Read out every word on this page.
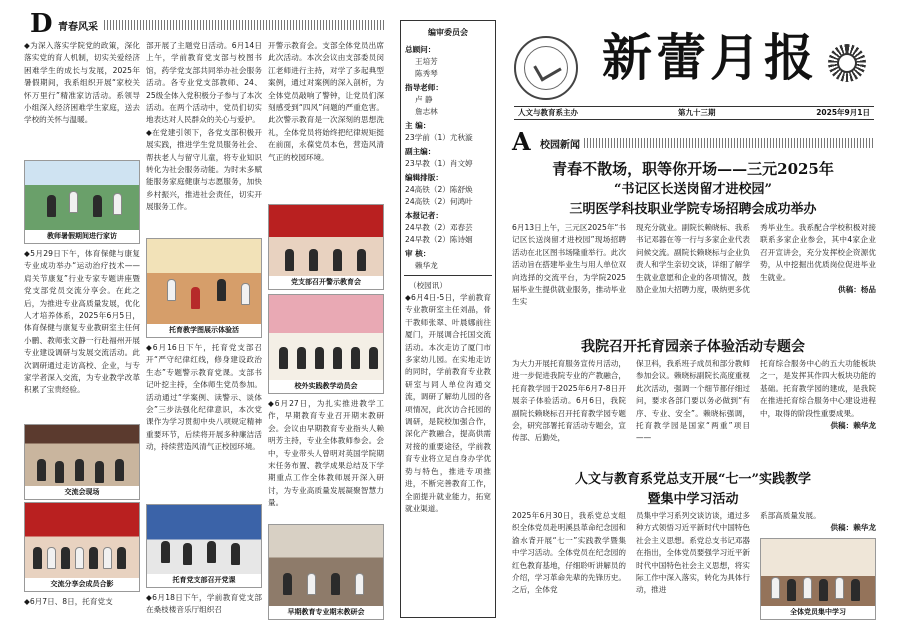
D 青春风采

◆为深入落实学院党的政策，深化落实党的育人机制，切实关爱经济困难学生的成长与发展，2025年暑假期间，我系组织开展“家校关怀万里行”精准家访活动。系领导小组深入经济困难学生家庭，送去学校的关怀与温暖。

教师暑假期间进行家访

◆5月29日下午，体育保健与康复专业成功举办“运动治疗技术——肩关节康复”行业专家专题讲座暨党支部党员交流分享会。在此之后，为推进专业高质量发展，优化人才培养体系，2025年6月5日，体育保健与康复专业教研室主任何小鹏、教师张文静一行赴福州开展专业建设调研与发展交流活动。此次调研通过走访高校、企业，与专家学者深入交流，为专业教学改革积累了宝贵经验。

交流会现场
交流分享会成员合影

◆6月7日、8日，托育党支

部开展了主题党日活动。6月14日上午，学前教育党支部与校图书馆，药学党支部共同举办社会服务活动。各专业党支部教师、24、25级全体入党积极分子参与了本次活动。在两个活动中，党员们切实地表达对人民群众的关心与爱护。

◆在党建引领下，各党支部积极开展实践，推进学生党员服务社会、帮扶老人与留守儿童，将专业知识转化为社会服务动能。为时未多赋能服务家庭健康与志愿服务，加快乡村振兴，推进社会责任，切实开展服务工作。

托育教学图展示体验活

◆6月16日下午，托育党支部召开“严守纪律红线，修身建设政治生态”专题警示教育党课。支部书记叶挖主持，全体师生党员参加。活动通过“学案例、读警示、谈体会”三步法强化纪律意识，本次党课作为学习贯彻中央八项规定精神重要环节，后续将开展多种廉洁活动，持续营造风清气正校园环境。

托育党支部召开党课

◆6月18日下午，学前教育党支部在桑枝楼音乐厅组织召

开警示教育会。支部全体党员出席此次活动。本次会议由支部委员闵江老师进行主持，对学了多起典型案例，通过对案例的深入剖析，为全体党员敲响了警钟，让党员们深刻感受到“四风”问题的严重危害。此次警示教育是一次深刻的思想洗礼，全体党员将始终把纪律规矩挺在前面，永葆党员本色，营造风清气正的校园环境。

党支部召开警示教育会
校外实践教学动员会

◆6月27日，为扎实推进教学工作，早期教育专业召开期末教研会。会议由早期教育专业指头人赖明芳主持，专业全体教师参会。会中，专业带头人曾明对英国学院期末任务布置、教学成果总结及下学期重点工作全体教师展开深入研讨，为专业高质量发展凝聚智慧力量。

早期教育专业期末教研会
编审委员会
总顾问：
王培芳
陈秀琴
指导老师：
卢 静
詹志林
主 编：
23学前（1）尤秋漩
副主编：
23早教（1）肖文婷
编辑排版：
24高铁（2）陈舒焕
24高铁（2）何鸿叶
本报记者：
24早教（2）邓春芸
24早教（2）陈诗姻
审 核：
赖华龙
（校园讯）

◆6月4日-5日，学前教育专业教研室主任刘晶，骨干教师张翠、叶晨娜前往厦门，开展调合托国交流活动。本次走访了厦门市多家幼儿园。在实地走访的同时，学前教育专业教研室与同人单位沟通交流，调研了解幼儿园的各项情况，此次访合托园的调研，是院校加强合作，深化产教融合，提高供需对接的重要途径，学前教育专业将立足自身办学优势与特色，推进专项推进，不断完善教育工作，全面提升就业能力，拓宽就业渠道。

新蕾月报
人文与教育系主办	第九十三期	2025年9月1日
A 校园新闻
青春不散场，职等你开场——三元2025年
“书记区长送岗留才进校园”
三明医学科技职业学院专场招聘会成功举办

6月13日上午，三元区2025年“书记区长送岗留才进校园”现场招聘活动在北区图书场隆重举行。此次活动旨在搭建毕业生与用人单位双向选择的交流平台，为学院2025届毕业生提供就业服务，推动毕业生实

现充分就业。副院长赖晓标、我系书记邓器在等一行与多家企业代表问候交流。副院长赖晓标与企业负责人和学生亲切交谈，详细了解学生就业意愿和企业的各项情况，鼓励企业加大招聘力度，吸纳更多优

秀毕业生。我系配合学校积极对接联系多家企业参会，其中4家企业召开宣讲会，充分发挥校企资源优势，从中挖掘出优质岗位促进毕业生就业。

供稿：杨品

我院召开托育园亲子体验活动专题会

为大力开展托育服务宣传月活动，进一步促进我院专业的产教融合，托育教学园于2025年6月7-8日开展亲子体验活动。6月6日，我院副院长赖晓标召开托育教学园专题会，研究部署托育活动专题会，宣传部、后勤处，

保卫科，我系班子成员和部分教师参加会议。赖晓标副院长高度重视此次活动，强调一个细节都仔细过问，要求各部门要以务必做到“有序、专业、安全”。赖晓标强调，托育教学园是国家“两重”项目——

托育综合服务中心的五大功能板块之一，是发挥其作四大板块功能的基础。托育教学园的建成，是我院在推进托育综合服务中心建设进程中，取得的阶段性重要成果。

供稿：赖华龙

人文与教育系党总支开展“七一”实践教学
暨集中学习活动

2025年6月30日，我系党总支组织全体党员赴明溪县革命纪念园和渝水背开展“七一”实践教学暨集中学习活动。全体党员在纪念园的红色教育基地，仔细聆听讲解员的介绍，学习革命先辈的先锋历史。之后，全体党

员集中学习系列交谈访谈，通过多种方式领悟习近平新时代中国特色社会主义思想。系党总支书记邓器在指出，全体党员要强学习近平新时代中国特色社会主义思想，将实际工作中深入落实，转化为具体行动，推进

系部高质量发展。

供稿：赖华龙

全体党员集中学习
